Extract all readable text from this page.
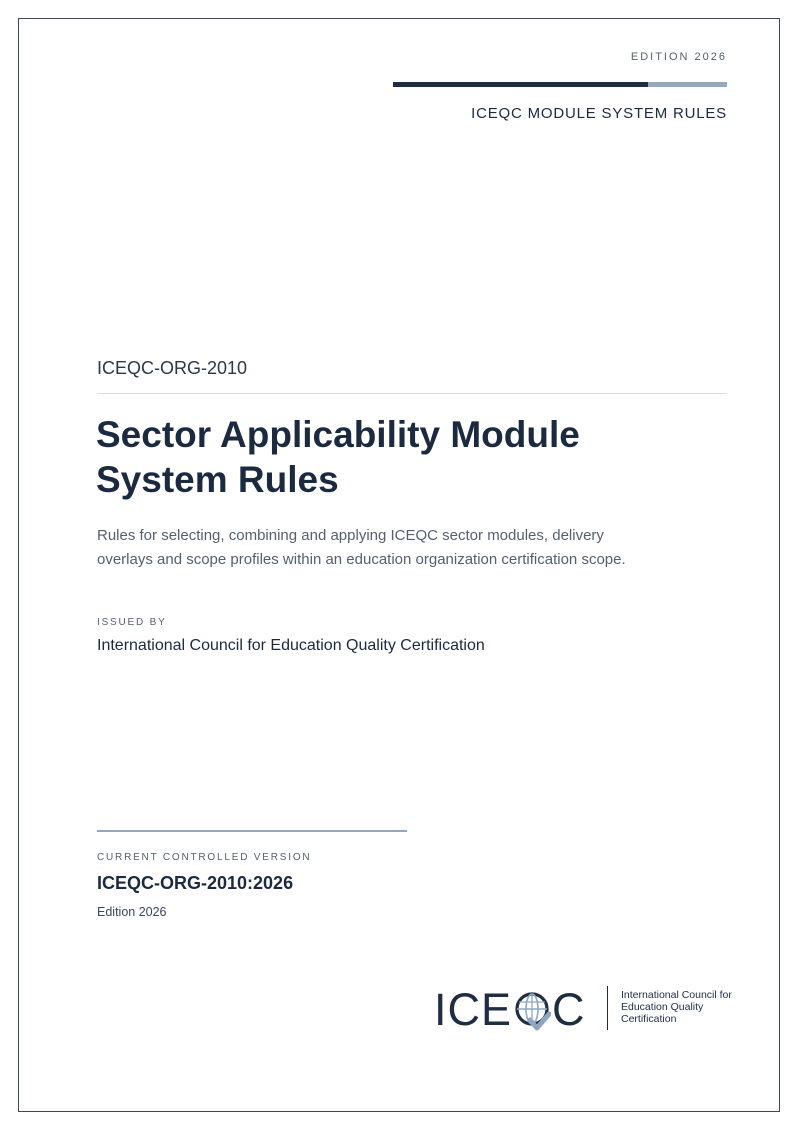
EDITION 2026
ICEQC MODULE SYSTEM RULES
ICEQC-ORG-2010
Sector Applicability Module
System Rules

Rules for selecting, combining and applying ICEQC sector modules, delivery
overlays and scope profiles within an education organization certification scope.

ISSUED BY
International Council for Education Quality Certification
CURRENT CONTROLLED VERSION
ICEQC-ORG-2010:2026
Edition 2026
ICE C	International Council for
Education Quality
Certification
